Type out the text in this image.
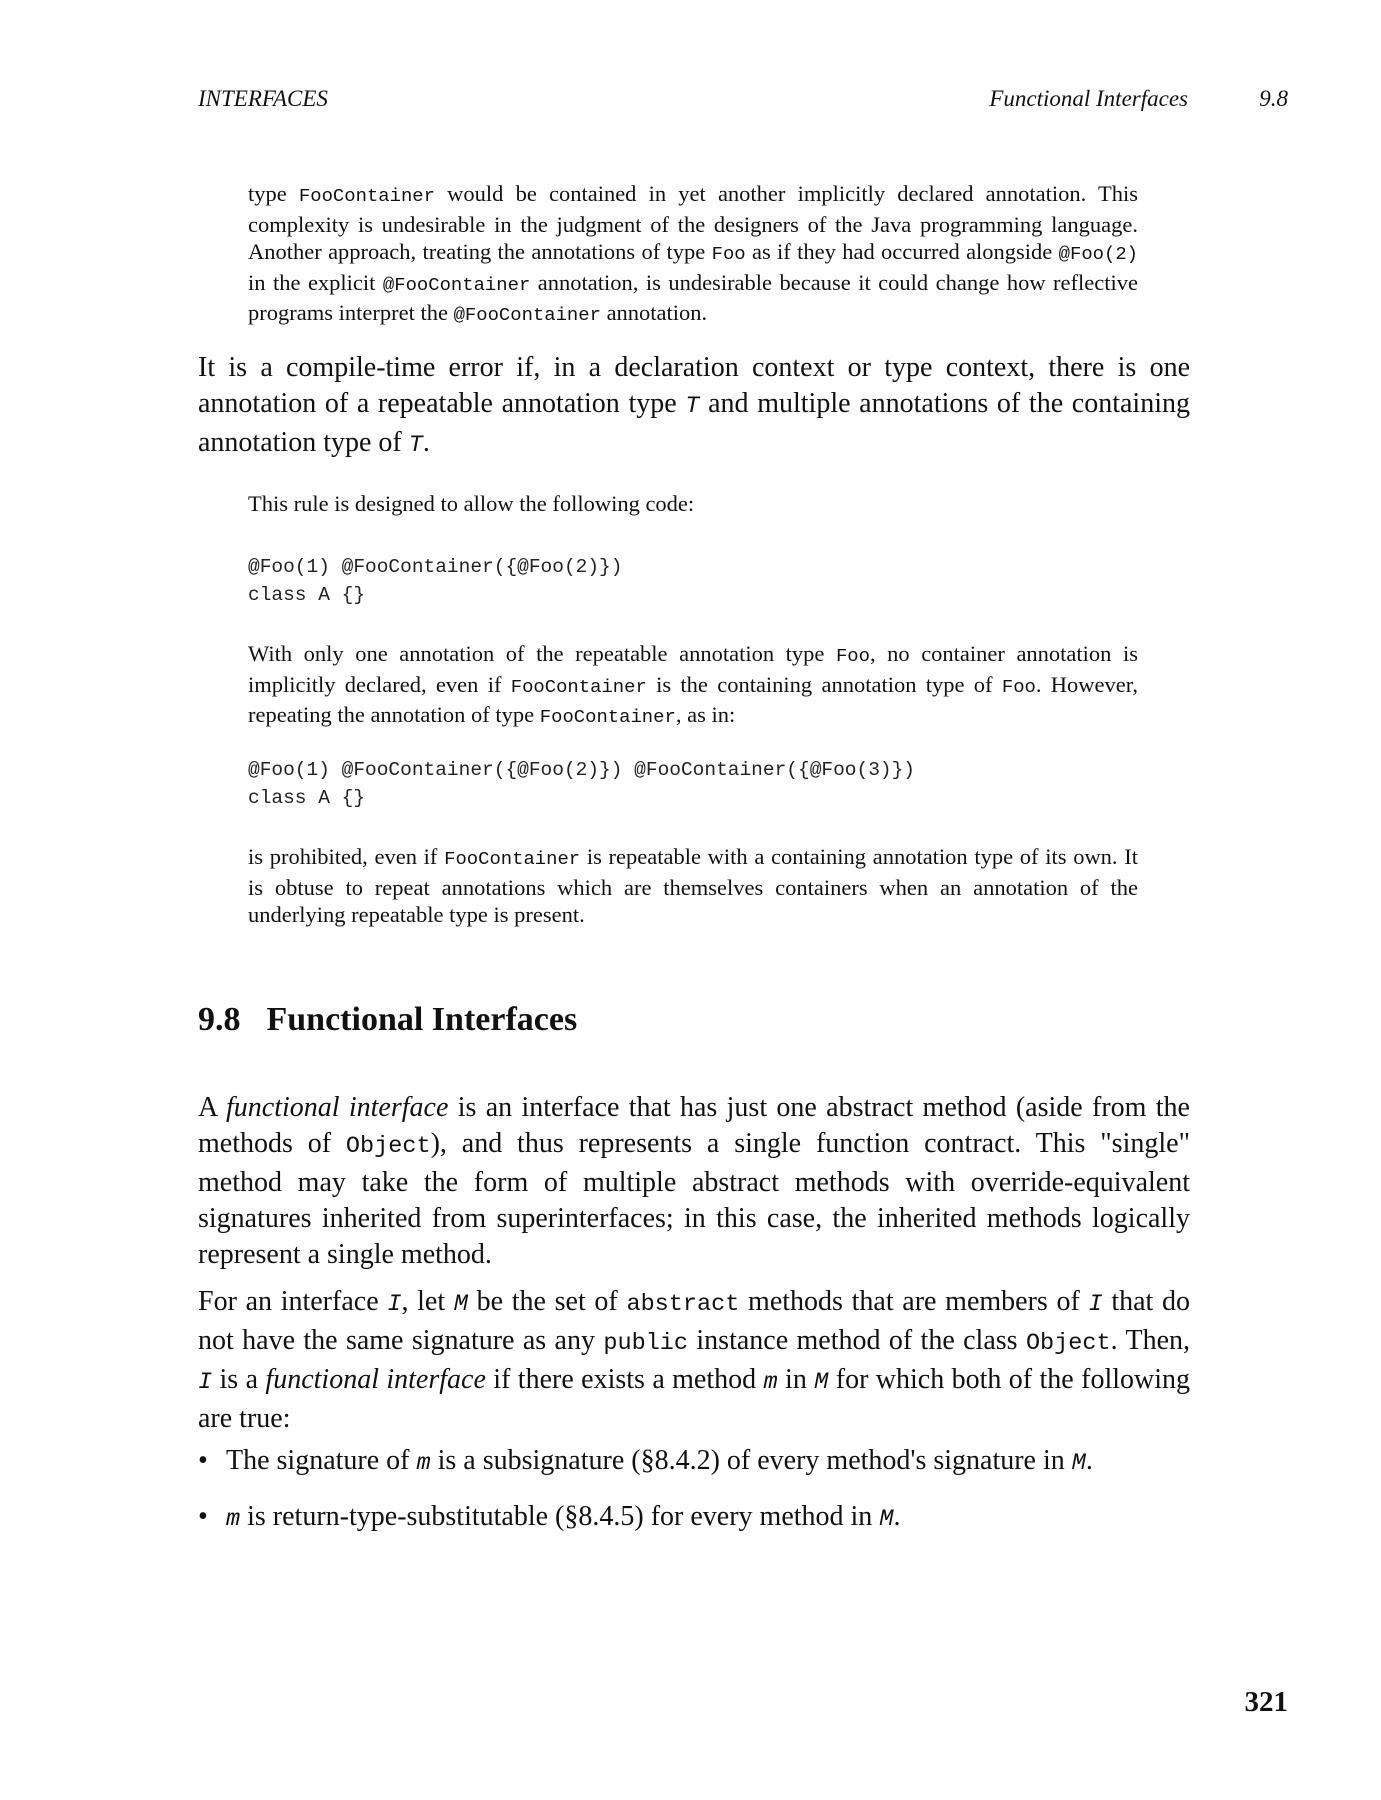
INTERFACES	Functional Interfaces	9.8

type FooContainer would be contained in yet another implicitly declared annotation. This complexity is undesirable in the judgment of the designers of the Java programming language. Another approach, treating the annotations of type Foo as if they had occurred alongside @Foo(2) in the explicit @FooContainer annotation, is undesirable because it could change how reflective programs interpret the @FooContainer annotation.

It is a compile-time error if, in a declaration context or type context, there is one annotation of a repeatable annotation type T and multiple annotations of the containing annotation type of T.

This rule is designed to allow the following code:

@Foo(1) @FooContainer({@Foo(2)})
class A {}

With only one annotation of the repeatable annotation type Foo, no container annotation is implicitly declared, even if FooContainer is the containing annotation type of Foo. However, repeating the annotation of type FooContainer, as in:

@Foo(1) @FooContainer({@Foo(2)}) @FooContainer({@Foo(3)})
class A {}

is prohibited, even if FooContainer is repeatable with a containing annotation type of its own. It is obtuse to repeat annotations which are themselves containers when an annotation of the underlying repeatable type is present.

9.8 Functional Interfaces

A functional interface is an interface that has just one abstract method (aside from the methods of Object), and thus represents a single function contract. This "single" method may take the form of multiple abstract methods with override-equivalent signatures inherited from superinterfaces; in this case, the inherited methods logically represent a single method.

For an interface I, let M be the set of abstract methods that are members of I that do not have the same signature as any public instance method of the class Object. Then, I is a functional interface if there exists a method m in M for which both of the following are true:

• The signature of m is a subsignature (§8.4.2) of every method's signature in M.
• m is return-type-substitutable (§8.4.5) for every method in M.
321
